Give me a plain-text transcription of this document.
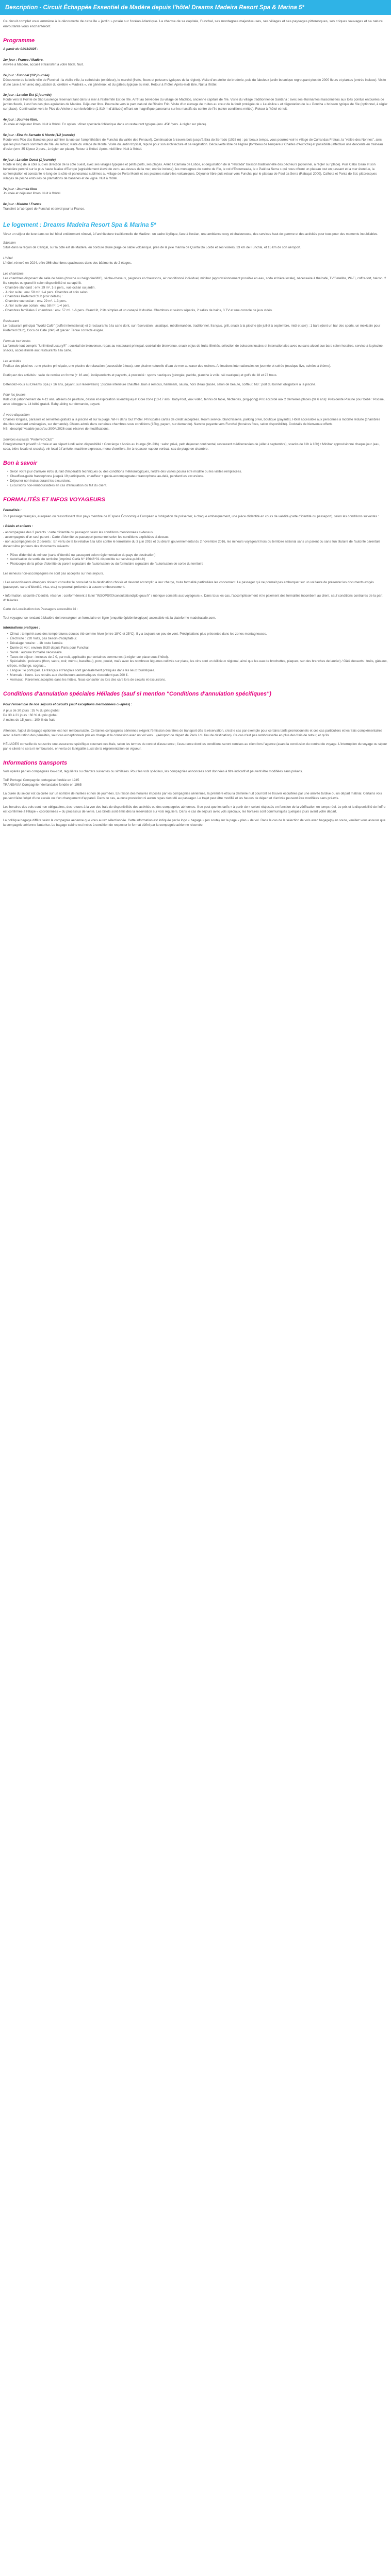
Description - Circuit Échappée Essentiel de Madère depuis l'hôtel Dreams Madeira Resort Spa & Marina 5*

Ce circuit complet vous emmène à la découverte de cette île « jardin » posée sur l'océan Atlantique. La charme de sa capitale, Funchal, ses montagnes majestueuses, ses villages et ses paysages pittoresques, ses criques sauvages et sa nature envoûtante vous enchanteront.

Programme
A partir du 01/11/2025 :
1er jour : France / Madère.
Arrivée à Madère, accueil et transfert à votre hôtel. Nuit.
2e jour : Funchal (1/2 journée)
Découverte de la belle ville de Funchal : la vieille ville, la cathédrale (extérieur), le marché (fruits, fleurs et poissons typiques de la région). Visite d'un atelier de broderie, puis du fabuleux jardin botanique regroupant plus de 2000 fleurs et plantes (entrée incluse). Visite d'une cave à vin avec dégustation du célèbre « Madeira », vin généreux, et du gâteau typique au miel. Retour à l'hôtel. Après-midi libre. Nuit à l'hôtel.
3e jour : La côte Est (1 journée)
Route vers la Pointe de São Lourenço réservant tant dans la mer à l'extrémité Est de l'île. Arrêt au belvédère du village de Machico, ancienne capitale de l'île. Visite du village traditionnel de Santana : avec ses étonnantes maisonnettes aux toits pointus entourées de jardins fleuris, il est l'un des plus agréables de Madère. Déjeuner libre. Poursuite vers le parc naturel de Ribeiro Frio. Visite d'un élevage de truites au cœur de la forêt protégée de « Laurisilva » et dégustation de la « Poncha » boisson typique de l'île (optionnel, à régler sur place). Continuation vers le Pico do Arieiro et son belvédère (1 810 m d'altitude) offrant un magnifique panorama sur les massifs du centre de l'île (selon conditions météo). Retour à l'hôtel et nuit.
4e jour : Journée libre.
Journée et déjeuner libres. Nuit à l'hôtel. En option : dîner spectacle folklorique dans un restaurant typique (env. 45€ /pers. à régler sur place).
5e jour : Eira do Serrado & Monte (1/2 journée)
Route vers Pico dos Barcelos pour admirer la vue sur l'amphithéâtre de Funchal (la vallée des Fenaux!). Continuation à travers bois jusqu'à Eira do Serrado (1026 m) : par beaux temps, vous pourrez voir le village de Curral das Freiras, la "vallée des Nonnes", ainsi que les plus hauts sommets de l'île. Au retour, visite du village de Monte. Visite du jardin tropical, réputé pour son architecture et sa végétation. Découverte libre de l'église (tombeau de l'empereur Charles d'Autriche) et possibilité (effectuer une descente en traîneau d'osier (env. 35 €/pour 2 pers., à régler sur place). Retour à l'hôtel. Après-midi libre. Nuit à l'hôtel.
6e jour : La côte Ouest (1 journée)
Route le long de la côte sud en direction de la côte ouest, avec ses villages typiques et petits ports, ses plages. Arrêt à Camara de Lobos, et dégustation de la "Nikitada" boisson traditionnelle des pêcheurs (optionnel, à régler sur place). Puis Cabo Girão et son belvédère perché sur le plus haute falaise d'Europe (agréablement élevé de vertu au-dessus de la mer, entrée incluse), les montagnes du centre de l'île, le col d'Encumeada, le « Paúl da Serra » qui nous offrent un plateau tout en passant et la mer étendue, la contemplation et constante le long de la côte et panoramas sublimes au village de Porto Moniz et ses piscines naturelles volcaniques. Déjeuner libre puis retour vers Funchal par le plateau de Paul da Serra (Rabaçal 2000). Calheta et Ponta do Sol, pittoresques villages de pêche entourés de plantations de bananes et de vigne. Nuit à l'hôtel.
7e jour : Journée libre
Journée et déjeuner libres. Nuit à l'hôtel.
8e jour : Madère / France
Transfert à l'aéroport de Funchal et envol pour la France.
Le logement : Dreams Madeira Resort Spa & Marina 5*

Vivez un séjour de luxe dans ce bel hôtel entièrement rénové, à l'architecture traditionnelle de Madère : un cadre idyllique, face à l'océan, une ambiance cosy et chaleureuse, des services haut de gamme et des activités pour tous pour des moments inoubliables.

Situation
Situé dans la région de Caniçal, sur la côte est de Madère, en bordure d'une plage de sable volcanique, près de la jolie marina de Quinta Do Lorde et ses voiliers, 33 km de Funchal, et 15 km de son aéroport.
L'hôtel
L'hôtel, rénové en 2024, offre 366 chambres spacieuses dans des bâtiments de 2 étages.
Les chambres
Les chambres disposent de salle de bains (douche ou baignoire/WC), sèche-cheveux, peignoirs et chaussons, air conditionné individuel, minibar (approvisionnement possible en eau, soda et bière locale), nécessaire à thé/café, TV/Satellite, Wi-Fi, coffre-fort, balcon. 2 lits simples ou grand lit selon disponibilité et canapé lit.
- Chambre standard : env. 29 m². 1-3 pers., vue océan ou jardin.
- Junior suite : env. 58 m². 1-4 pers. Chambre et coin salon.
• Chambres Preferred Club (voir détails) :
- Chambre vue océan : env. 29 m². 1-3 pers.
- Junior suite vue océan : env. 58 m². 1-4 pers.
- Chambres familiales 2 chambres : env. 57 m². 1-6 pers. Grand lit, 2 lits simples et un canapé lit double. Chambres et salons séparés, 2 salles de bains, 3 TV et une console de jeux vidéo.
Restaurant
Le restaurant principal "World Café" (buffet international) et 3 restaurants à la carte dont, sur réservation : asiatique, méditerranéen, traditionnel, français, grill, snack à la piscine (de juillet à septembre, midi et soir) : 1 bars (dont un bar des sports, un mexicain pour Preferred Club), Coco de Cafe (24h) et glacier. Tenue correcte exigée.
Formule tout inclus
La formule tout compris "Unlimited Luxury®" : cocktail de bienvenue, repas au restaurant principal, cocktail de bienvenue, snack et jus de fruits illimités, sélection de boissons locales et internationales avec ou sans alcool aux bars selon horaires, service à la piscine, snacks, accès illimité aux restaurants à la carte.
Les activités
Profitez des piscines : une piscine principale, une piscine de relaxation (accessible à tous), une piscine naturelle d'eau de mer au cœur des rochers. Animations internationales en journée et soirée (musique live, soirées à thème).

Pratiquez des activités : salle de remise en forme (+ 16 ans), indépendants et payants, à proximité : sports nautiques (plongée, paddle, planche à voile, ski nautique) et golfs de 18 et 27 trous.

Détendez-vous au Dreams Spa (+ 16 ans, payant, sur réservation) : piscine intérieure chauffée, bain à remous, hammam, sauna, hors d'eau glacée, salon de beauté, coiffeur. NB : port du bonnet obligatoire à la piscine.
Pour les jeunes
Kids club (abonnement de 4-12 ans, ateliers de peinture, dessin et exploration scientifique) et Core zone (13-17 ans : baby-foot, jeux vidéo, tennis de table, fléchettes, ping-pong) Prix accordé aux 2 dernières places (de 6 ans): Présidente Piscine pour bébé : Piscine, avec toboggans. Lit bébé gratuit. Baby-sitting sur demande, payant.
À votre disposition
Chaises longues, parasols et serviettes gratuits à la piscine et sur la plage. Wi-Fi dans tout l'hôtel. Principales cartes de crédit acceptées. Room service, blanchisserie, parking privé, boutique (payants). Hôtel accessible aux personnes à mobilité réduite (chambres doubles standard aménagées, sur demande). Chiens admis dans certaines chambres sous conditions (15kg, payant, sur demande). Navette payante vers Funchal (horaires fixes, selon disponibilité). Cocktaïls de bienvenue offerts.
NB : descriptif valable jusqu'au 30/04/2026 sous réserve de modifications.
Services exclusifs "Preferred Club"
Enregistrement privatif • Arrivée et au départ lundi selon disponibilité • Concierge • Accès au lounge (9h-23h) : salon privé, petit déjeuner continental, restaurant méditerranéen de juillet à septembre), snacks de 11h à 18h) • Minibar approvisionné chaque jour (eau, soda, bière locale et snacks), vin local à l'arrivée, machine expresso, menu d'oreillers, fer à repasser vapeur vertical, sac de plage en chambre.
Bon à savoir
• Selon votre jour d'arrivée et/ou du fait d'impératifs techniques ou des conditions météorologiques, l'ordre des visites pourra être modifié ou les visites remplacées.
• Chauffeur-guide francophone jusqu'à 19 participants, chauffeur + guide-accompagnateur francophone au-delà, pendant les excursions.
• Déjeuner non inclus durant les excursions.
• Excursions non-remboursables en cas d'annulation du fait du client.
FORMALITÉS ET INFOS VOYAGEURS
Formalités :

Tout passager français, européen ou ressortissant d'un pays membre de l'Espace Économique Européen a l'obligation de présenter, à chaque embarquement, une pièce d'identité en cours de validité (carte d'identité ou passeport), selon les conditions suivantes :

• Bébés et enfants :

- accompagnés des 2 parents : carte d'identité ou passeport selon les conditions mentionnées ci-dessus.
- accompagnés d'un seul parent : Carte d'identité ou passeport personnel selon les conditions explicitées ci-dessus.
- non accompagnés de 2 parents : En vertu de la loi relative à la lutte contre le terrorisme du 3 juin 2016 et du décret gouvernemental du 2 novembre 2016, les mineurs voyageant hors du territoire national sans un parent ou sans l'un titulaire de l'autorité parentale doivent être porteurs des documents suivants :

• Pièce d'identité du mineur (carte d'identité ou passeport selon réglementation du pays de destination)
• Autorisation de sortie du territoire (imprimé Cerfa N° 15646*01 disponible sur service-public.fr)
• Photocopie de la pièce d'identité du parent signataire de l'autorisation ou du formulaire signataire de l'autorisation de sortie du territoire

Les mineurs non-accompagnés ne sont pas acceptés sur nos séjours.

• Les ressortissants étrangers doivent consulter le consulat de la destination choisie et devront accomplir, à leur charge, toute formalité particulière les concernant. Le passager qui ne pourrait pas embarquer sur un vol faute de présenter les documents exigés (passeport, carte d'identité, visa, etc.) ne pourrait prétendre à aucun remboursement.

• Information, sécurité d'identité, réserve : conformément à la loi "INSOPS/XXconsultationdiplo.gouv.fr" / rubrique conseils aux voyageurs ». Dans tous les cas, l'accomplissement et le paiement des formalités incombent au client, sauf conditions contraires de la part d'Héliades.

Carte de Localisation des Passagers accessible ici :

Tout voyageur se rendant à Madère doit renseigner un formulaire en ligne (enquête épidémiologique) accessible via la plateforme madeirasafe.com.

Informations pratiques :
• Climat : tempéré avec des températures douces été comme hiver (entre 18°C et 25°C). Il y a toujours un peu de vent. Précipitations plus présentes dans les zones montagneuses.
• Électricité : 220 Volts, pas besoin d'adaptateur.
• Décalage horaire : - 1h toute l'année.
• Durée de vol : environ 3h30 depuis Paris pour Funchal.
• Santé : aucune formalité nécessaire.
• Taxes de séjour : incluses de 2 €, par nuit, applicable par certaines communes (à régler sur place sous l'hôtel).
• Spécialités : poissons (thon, sabre, noir, mérou, bacalhau), porc, poulet, maïs avec les nombreux légumes cultivés sur place, les vins sont un délicieux régional, ainsi que les eau de brochettes, plaques, sur des branches de laurier) / Gâté desserts : fruits, gâteaux, crêpes, mélange, cognac...
• Langue : le portugais. Le français et l'anglais sont généralement pratiqués dans les lieux touristiques.
• Monnaie : l'euro. Les retraits aux distributeurs automatiques n'excèdent pas 200 €.
• Animaux : Rarement acceptés dans les hôtels. Nous consulter au lors des cars lors de circuits et excursions.
Conditions d'annulation spéciales Héliades (sauf si mention "Conditions d'annulation spécifiques")
Pour l'ensemble de nos séjours et circuits (sauf exceptions mentionnées ci-après) :
A plus de 30 jours : 35 % du prix global
De 30 à 21 jours : 60 % du prix global
A moins de 15 jours : 100 % du frais

Attention, l'ajout de bagage optionnel est non remboursable. Certaines compagnies aériennes exigent l'émission des titres de transport dès la réservation, c'est le cas par exemple pour certains tarifs promotionnels et ces cas particuliers et les frais complémentaires avec la facturation des pénalités, sauf cas exceptionnels pris en charge et la connexion avec un vol vers... (aéroport de départ de Paris / du lieu de destination). Ce cas n'est pas remboursable en plus des frais de retour, et qu'ils

HÉLIADES conseille de souscrire une assurance spécifique couvrant ces frais, selon les termes du contrat d'assurance ; l'assurance dont les conditions seront remises au client lors l'agence (avant la conclusion du contrat de voyage. L'interruption du voyage ou séjour par le client ne sera ni remboursée, en vertu de la légalité aussi de la réglementation en vigueur.

Informations transports

Vols opérés par les compagnies low-cost, régulières ou charters suivantes ou similaires. Pour les vols spéciaux, les compagnies annoncées sont données à titre indicatif et peuvent être modifiées sans préavis.

TAP Portugal Compagnie portugaise fondée en 1945
TRANSAVIA Compagnie néerlandaise fondée en 1965

La durée du séjour est calculée sur un nombre de nuitées et non de journées. En raison des horaires imposés par les compagnies aériennes, la première et/ou la dernière nuit pourront se trouver écourtées par une arrivée tardive ou un départ matinal. Certains vols peuvent faire l'objet d'une escale ou d'un changement d'appareil. Dans ce cas, aucune prestation ni aucun repas n'est dû au passager. Le trajet peut être modifié et les heures de départ et d'arrivée peuvent être modifiées sans préavis.

Les horaires des vols sont non obligatoires, des retours à la vue des frais de disponibilités des activités ou des compagnies aériennes. Il se peut que les tarifs « à partir de » soient réajustés en fonction de la vérification en temps réel. Le prix et la disponibilité de l'offre est confirmée à l'étape « coordonnées » du processus de vente. Les billets sont émis dès la réservation sur vols réguliers. Dans le cas de séjours avec vols spéciaux, les horaires sont communiqués quelques jours avant votre départ.

La politique bagage diffère selon la compagnie aérienne que vous aurez sélectionnée. Cette information est indiquée par le logo « bagage » (en soute) sur la page « plan » de vol. Dans le cas de la sélection de vols avec bagage(s) en soute, veuillez vous assurer que la compagnie aérienne l'autorise. Le bagage cabine est inclus à condition de respecter le format défini par la compagnie aérienne réservée.
